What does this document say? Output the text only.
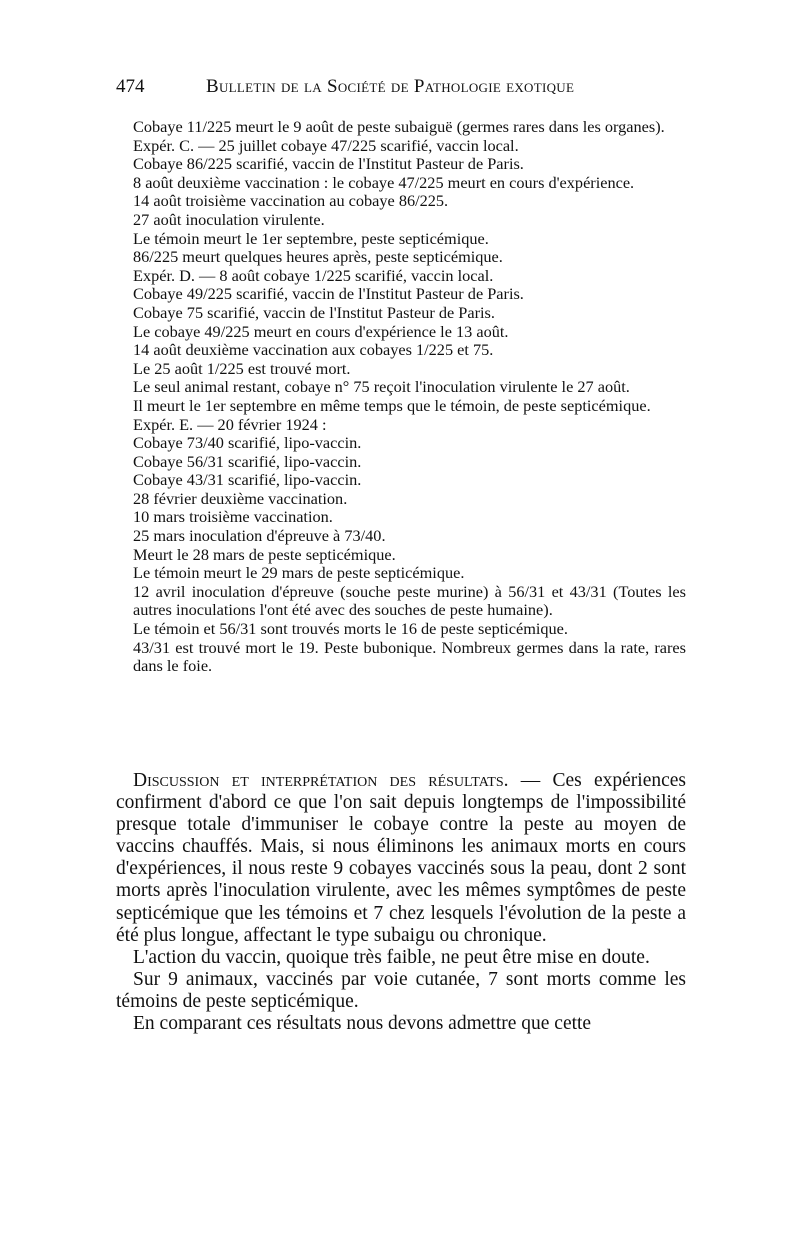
474	Bulletin de la Société de Pathologie exotique

Cobaye 11/225 meurt le 9 août de peste subaiguë (germes rares dans les organes).

Expér. C. — 25 juillet cobaye 47/225 scarifié, vaccin local.

Cobaye 86/225 scarifié, vaccin de l'Institut Pasteur de Paris.

8 août deuxième vaccination : le cobaye 47/225 meurt en cours d'expérience.

14 août troisième vaccination au cobaye 86/225.

27 août inoculation virulente.

Le témoin meurt le 1er septembre, peste septicémique.

86/225 meurt quelques heures après, peste septicémique.

Expér. D. — 8 août cobaye 1/225 scarifié, vaccin local.

Cobaye 49/225 scarifié, vaccin de l'Institut Pasteur de Paris.

Cobaye 75 scarifié, vaccin de l'Institut Pasteur de Paris.

Le cobaye 49/225 meurt en cours d'expérience le 13 août.

14 août deuxième vaccination aux cobayes 1/225 et 75.

Le 25 août 1/225 est trouvé mort.

Le seul animal restant, cobaye n° 75 reçoit l'inoculation virulente le 27 août.

Il meurt le 1er septembre en même temps que le témoin, de peste septicémique.

Expér. E. — 20 février 1924 :

Cobaye 73/40 scarifié, lipo-vaccin.

Cobaye 56/31 scarifié, lipo-vaccin.

Cobaye 43/31 scarifié, lipo-vaccin.

28 février deuxième vaccination.

10 mars troisième vaccination.

25 mars inoculation d'épreuve à 73/40.

Meurt le 28 mars de peste septicémique.

Le témoin meurt le 29 mars de peste septicémique.

12 avril inoculation d'épreuve (souche peste murine) à 56/31 et 43/31 (Toutes les autres inoculations l'ont été avec des souches de peste humaine).

Le témoin et 56/31 sont trouvés morts le 16 de peste septicémique.

43/31 est trouvé mort le 19. Peste bubonique. Nombreux germes dans la rate, rares dans le foie.

Discussion et interprétation des résultats. — Ces expériences confirment d'abord ce que l'on sait depuis longtemps de l'impossibilité presque totale d'immuniser le cobaye contre la peste au moyen de vaccins chauffés. Mais, si nous éliminons les animaux morts en cours d'expériences, il nous reste 9 cobayes vaccinés sous la peau, dont 2 sont morts après l'inoculation virulente, avec les mêmes symptômes de peste septicémique que les témoins et 7 chez lesquels l'évolution de la peste a été plus longue, affectant le type subaigu ou chronique.

L'action du vaccin, quoique très faible, ne peut être mise en doute.

Sur 9 animaux, vaccinés par voie cutanée, 7 sont morts comme les témoins de peste septicémique.

En comparant ces résultats nous devons admettre que cette
